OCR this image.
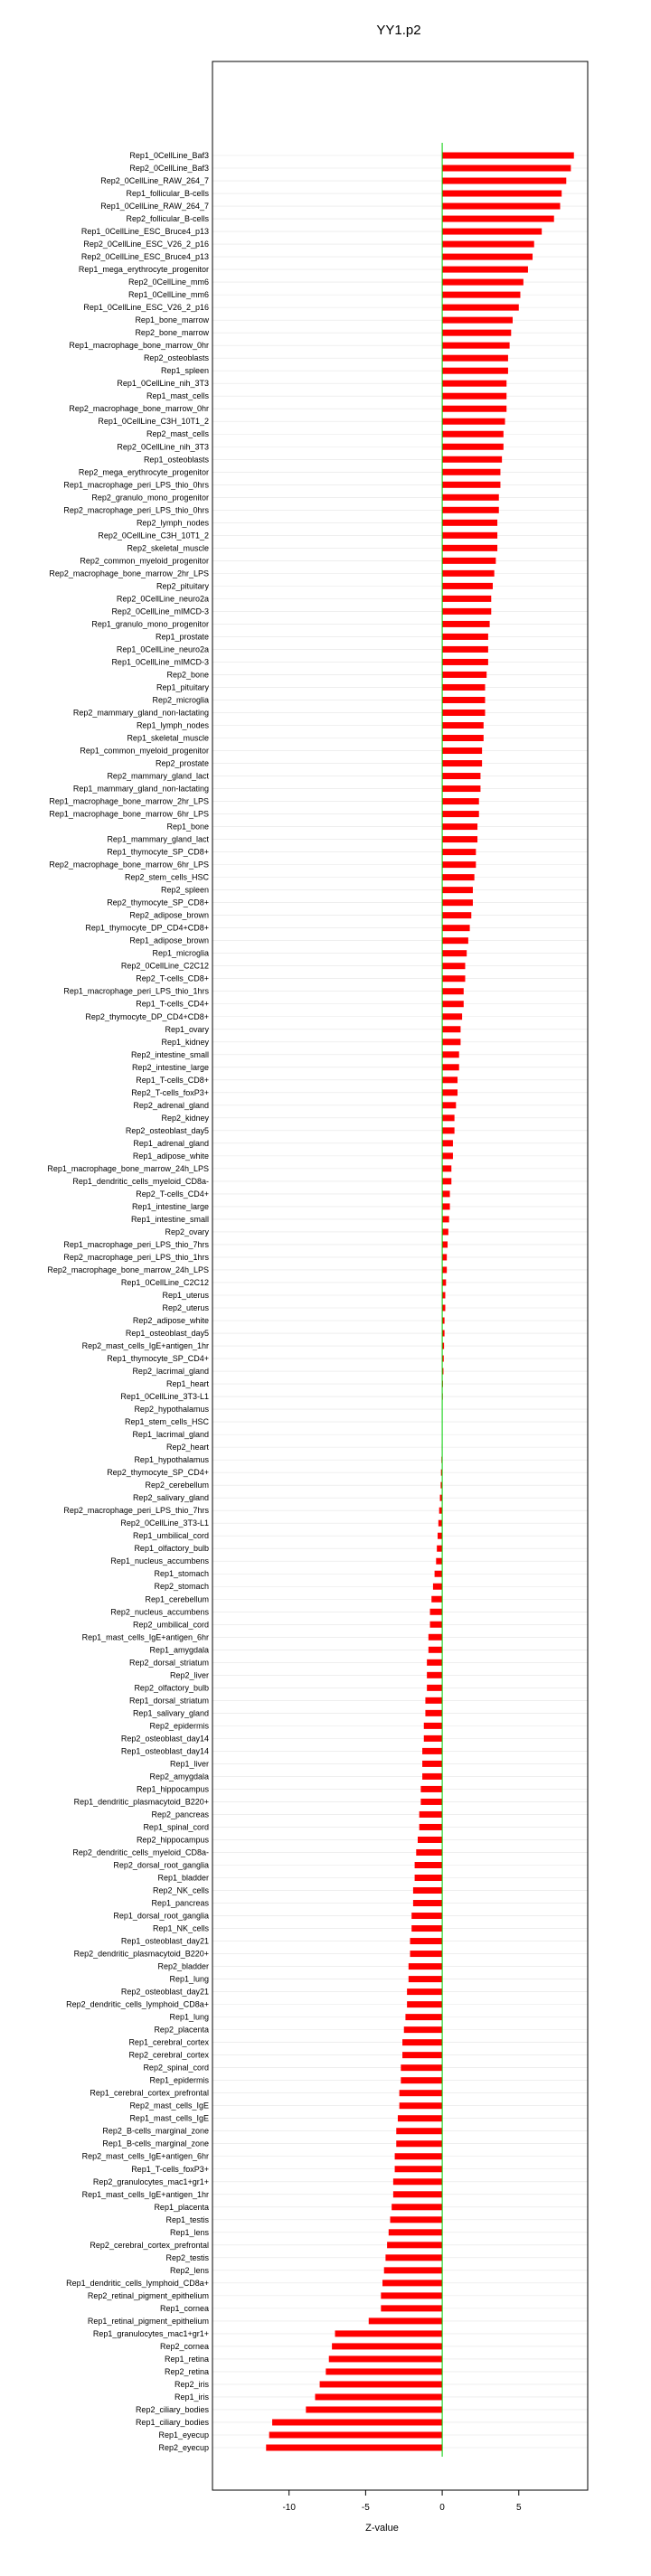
YY1.p2
Rep1_0CellLine_Baf3
Rep2_0CellLine_Baf3
Rep2_0CellLine_RAW_264_7
Rep1_follicular_B-cells
Rep1_0CellLine_RAW_264_7
Rep2_follicular_B-cells
Rep1_0CellLine_ESC_Bruce4_p13
Rep2_0CellLine_ESC_V26_2_p16
Rep2_0CellLine_ESC_Bruce4_p13
Rep1_mega_erythrocyte_progenitor
Rep2_0CellLine_mm6
Rep1_0CellLine_mm6
Rep1_0CellLine_ESC_V26_2_p16
Rep1_bone_marrow
Rep2_bone_marrow
Rep1_macrophage_bone_marrow_0hr
Rep2_osteoblasts
Rep1_spleen
Rep1_0CellLine_nih_3T3
Rep1_mast_cells
Rep2_macrophage_bone_marrow_0hr
Rep1_0CellLine_C3H_10T1_2
Rep2_mast_cells
Rep2_0CellLine_nih_3T3
Rep1_osteoblasts
Rep2_mega_erythrocyte_progenitor
Rep1_macrophage_peri_LPS_thio_0hrs
Rep2_granulo_mono_progenitor
Rep2_macrophage_peri_LPS_thio_0hrs
Rep2_lymph_nodes
Rep2_0CellLine_C3H_10T1_2
Rep2_skeletal_muscle
Rep2_common_myeloid_progenitor
Rep2_macrophage_bone_marrow_2hr_LPS
Rep2_pituitary
Rep2_0CellLine_neuro2a
Rep2_0CellLine_mIMCD-3
Rep1_granulo_mono_progenitor
Rep1_prostate
Rep1_0CellLine_neuro2a
Rep1_0CellLine_mIMCD-3
Rep2_bone
Rep1_pituitary
Rep2_microglia
Rep2_mammary_gland_non-lactating
Rep1_lymph_nodes
Rep1_skeletal_muscle
Rep1_common_myeloid_progenitor
Rep2_prostate
Rep2_mammary_gland_lact
Rep1_mammary_gland_non-lactating
Rep1_macrophage_bone_marrow_2hr_LPS
Rep1_macrophage_bone_marrow_6hr_LPS
Rep1_bone
Rep1_mammary_gland_lact
Rep1_thymocyte_SP_CD8+
Rep2_macrophage_bone_marrow_6hr_LPS
Rep2_stem_cells_HSC
Rep2_spleen
Rep2_thymocyte_SP_CD8+
Rep2_adipose_brown
Rep1_thymocyte_DP_CD4+CD8+
Rep1_adipose_brown
Rep1_microglia
Rep2_0CellLine_C2C12
Rep2_T-cells_CD8+
Rep1_macrophage_peri_LPS_thio_1hrs
Rep1_T-cells_CD4+
Rep2_thymocyte_DP_CD4+CD8+
Rep1_ovary
Rep1_kidney
Rep2_intestine_small
Rep2_intestine_large
Rep1_T-cells_CD8+
Rep2_T-cells_foxP3+
Rep2_adrenal_gland
Rep2_kidney
Rep2_osteoblast_day5
Rep1_adrenal_gland
Rep1_adipose_white
Rep1_macrophage_bone_marrow_24h_LPS
Rep1_dendritic_cells_myeloid_CD8a-
Rep2_T-cells_CD4+
Rep1_intestine_large
Rep1_intestine_small
Rep2_ovary
Rep1_macrophage_peri_LPS_thio_7hrs
Rep2_macrophage_peri_LPS_thio_1hrs
Rep2_macrophage_bone_marrow_24h_LPS
Rep1_0CellLine_C2C12
Rep1_uterus
Rep2_uterus
Rep2_adipose_white
Rep1_osteoblast_day5
Rep2_mast_cells_IgE+antigen_1hr
Rep1_thymocyte_SP_CD4+
Rep2_lacrimal_gland
Rep1_heart
Rep1_0CellLine_3T3-L1
Rep2_hypothalamus
Rep1_stem_cells_HSC
Rep1_lacrimal_gland
Rep2_heart
Rep1_hypothalamus
Rep2_thymocyte_SP_CD4+
Rep2_cerebellum
Rep2_salivary_gland
Rep2_macrophage_peri_LPS_thio_7hrs
Rep2_0CellLine_3T3-L1
Rep1_umbilical_cord
Rep1_olfactory_bulb
Rep1_nucleus_accumbens
Rep1_stomach
Rep2_stomach
Rep1_cerebellum
Rep2_nucleus_accumbens
Rep2_umbilical_cord
Rep1_mast_cells_IgE+antigen_6hr
Rep1_amygdala
Rep2_dorsal_striatum
Rep2_liver
Rep2_olfactory_bulb
Rep1_dorsal_striatum
Rep1_salivary_gland
Rep2_epidermis
Rep2_osteoblast_day14
Rep1_osteoblast_day14
Rep1_liver
Rep2_amygdala
Rep1_hippocampus
Rep1_dendritic_plasmacytoid_B220+
Rep2_pancreas
Rep1_spinal_cord
Rep2_hippocampus
Rep2_dendritic_cells_myeloid_CD8a-
Rep2_dorsal_root_ganglia
Rep1_bladder
Rep2_NK_cells
Rep1_pancreas
Rep1_dorsal_root_ganglia
Rep1_NK_cells
Rep1_osteoblast_day21
Rep2_dendritic_plasmacytoid_B220+
Rep2_bladder
Rep1_lung
Rep2_osteoblast_day21
Rep2_dendritic_cells_lymphoid_CD8a+
Rep1_lung
Rep2_placenta
Rep1_cerebral_cortex
Rep2_cerebral_cortex
Rep2_spinal_cord
Rep1_epidermis
Rep1_cerebral_cortex_prefrontal
Rep2_mast_cells_IgE
Rep1_mast_cells_IgE
Rep2_B-cells_marginal_zone
Rep1_B-cells_marginal_zone
Rep2_mast_cells_IgE+antigen_6hr
Rep1_T-cells_foxP3+
Rep2_granulocytes_mac1+gr1+
Rep1_mast_cells_IgE+antigen_1hr
Rep1_placenta
Rep1_testis
Rep1_lens
Rep2_cerebral_cortex_prefrontal
Rep2_testis
Rep2_lens
Rep1_dendritic_cells_lymphoid_CD8a+
Rep2_retinal_pigment_epithelium
Rep1_cornea
Rep1_retinal_pigment_epithelium
Rep1_granulocytes_mac1+gr1+
Rep2_cornea
Rep1_retina
Rep2_retina
Rep2_iris
Rep1_iris
Rep2_ciliary_bodies
Rep1_ciliary_bodies
Rep1_eyecup
Rep2_eyecup
-10	-5	0	5
Z-value
